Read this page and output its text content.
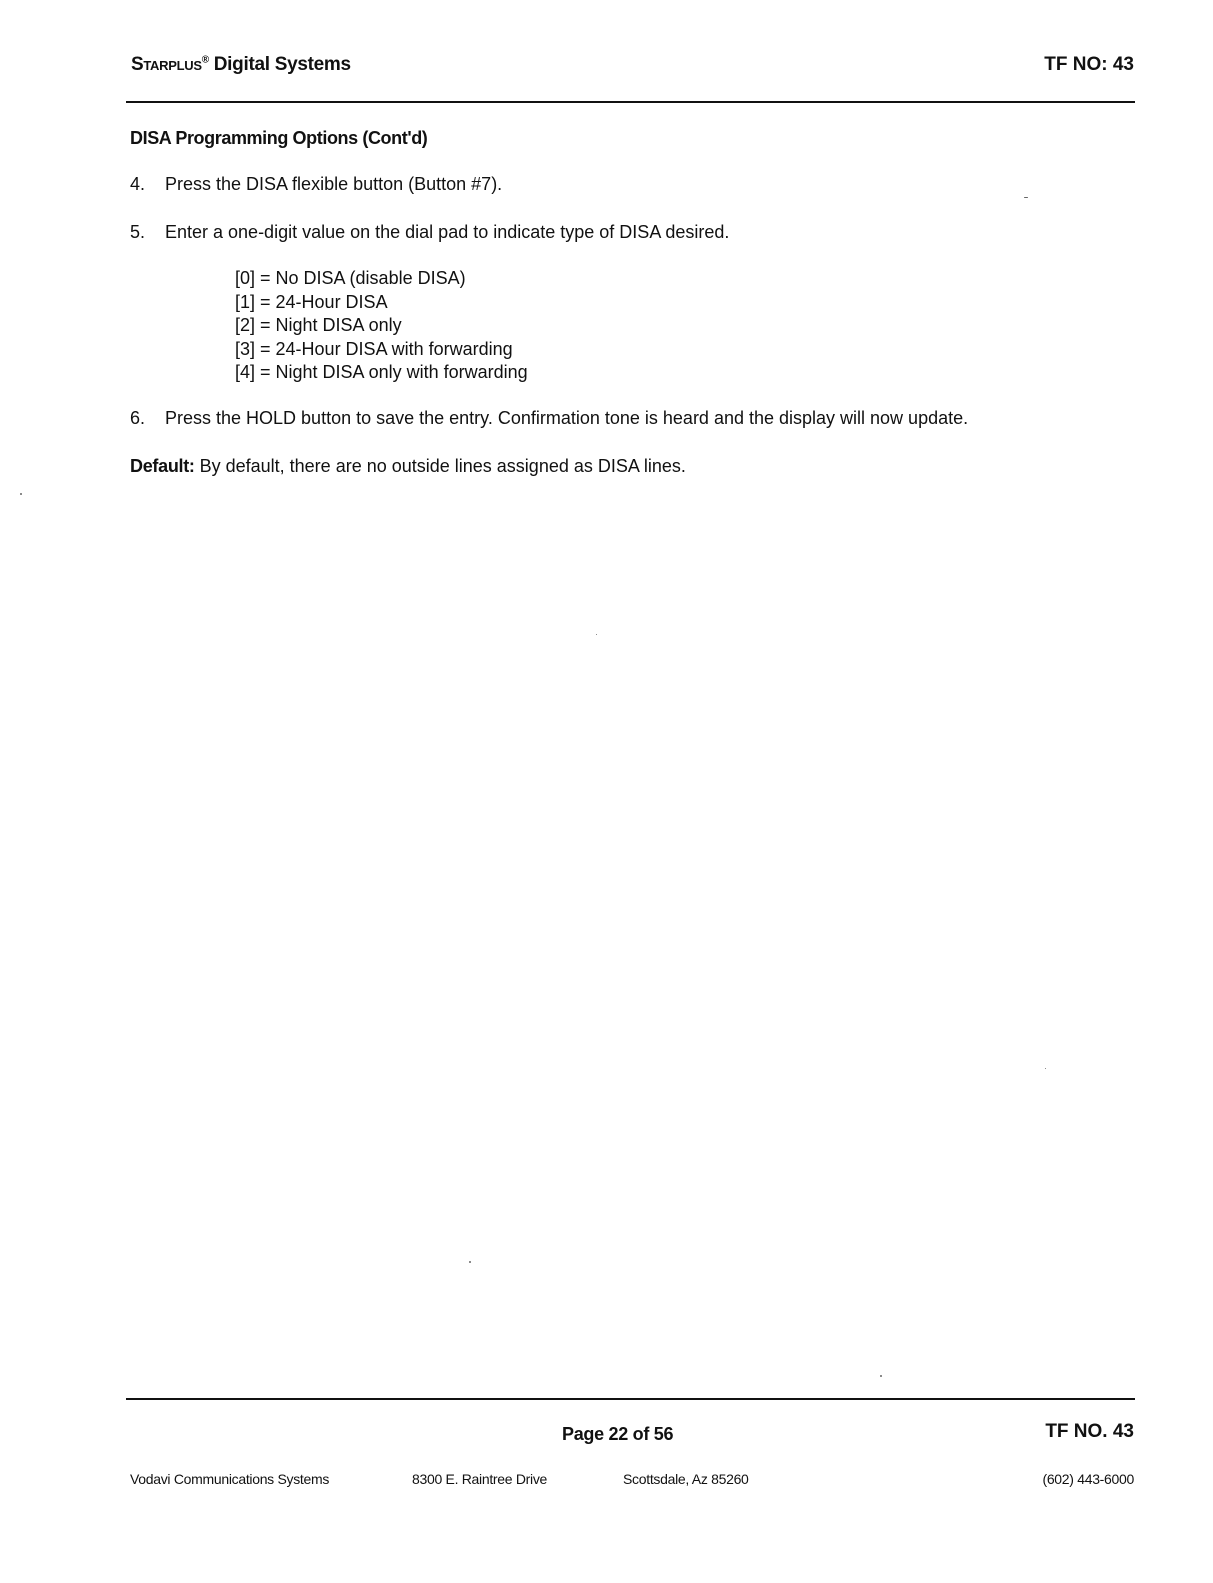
Starplus® Digital Systems	TF NO: 43
DISA Programming Options (Cont'd)
4. Press the DISA flexible button (Button #7).
5. Enter a one-digit value on the dial pad to indicate type of DISA desired.
[0] = No DISA (disable DISA)
[1] = 24-Hour DISA
[2] = Night DISA only
[3] = 24-Hour DISA with forwarding
[4] = Night DISA only with forwarding
6. Press the HOLD button to save the entry. Confirmation tone is heard and the display will now update.
Default: By default, there are no outside lines assigned as DISA lines.
Page 22 of 56	TF NO. 43
Vodavi Communications Systems	8300 E. Raintree Drive	Scottsdale, Az 85260	(602) 443-6000
